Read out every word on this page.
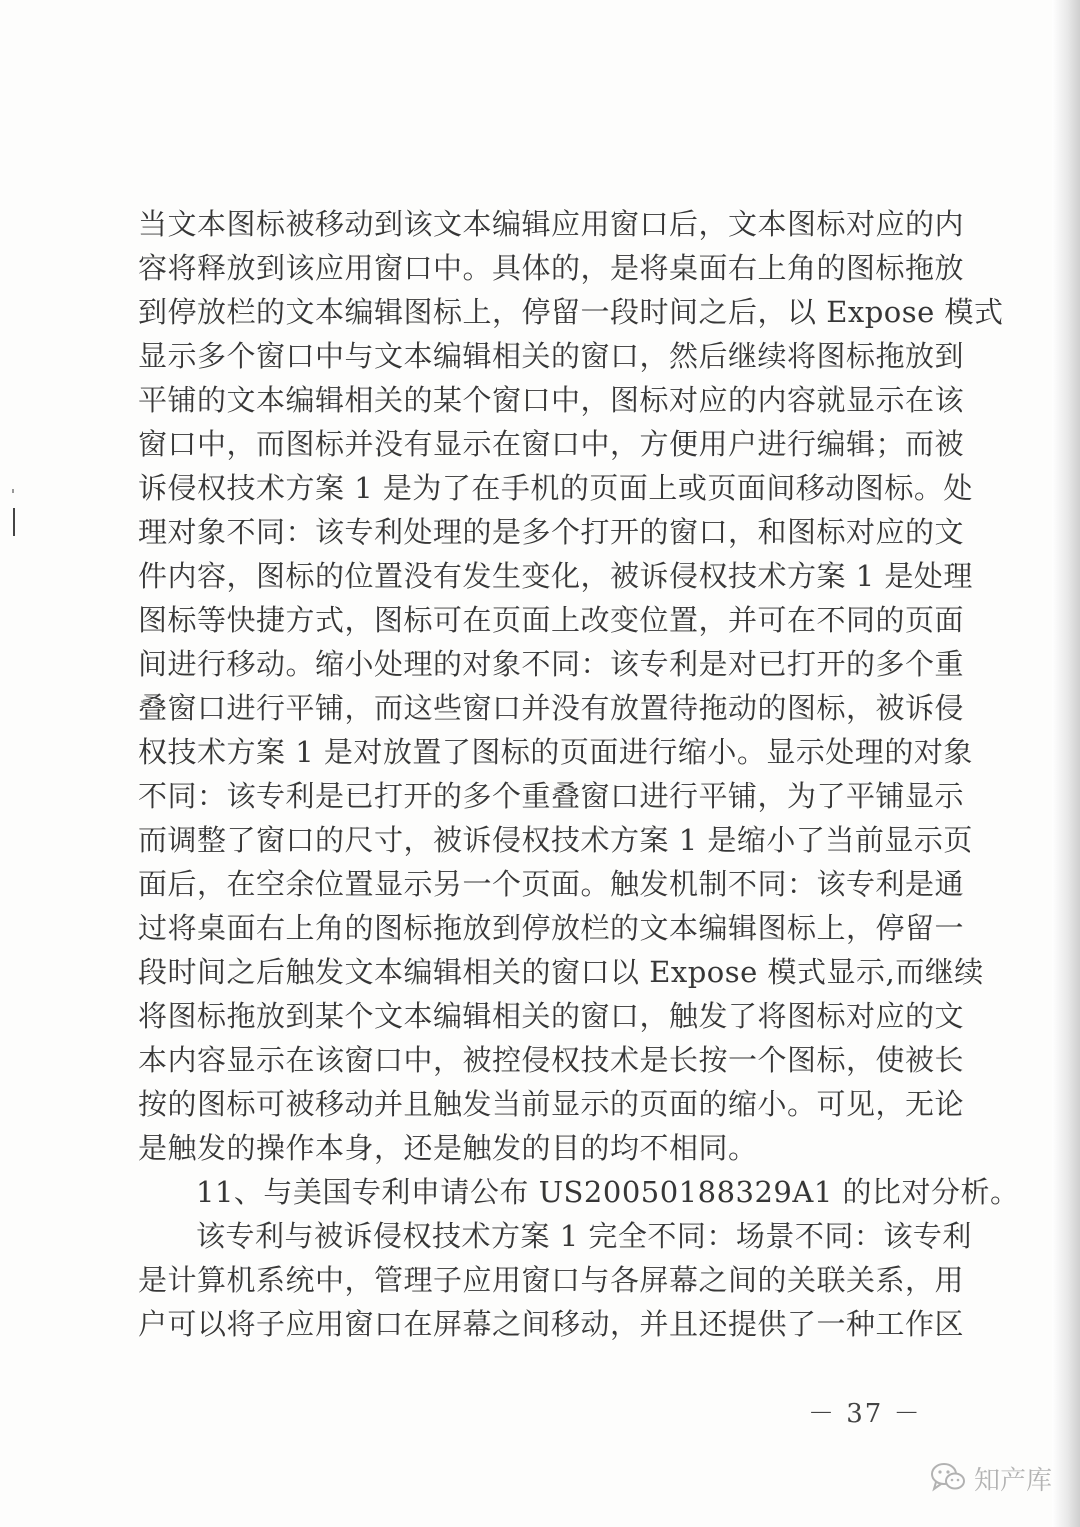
当文本图标被移动到该文本编辑应用窗口后，文本图标对应的内
容将释放到该应用窗口中。具体的，是将桌面右上角的图标拖放
到停放栏的文本编辑图标上，停留一段时间之后，以 Expose 模式
显示多个窗口中与文本编辑相关的窗口，然后继续将图标拖放到
平铺的文本编辑相关的某个窗口中，图标对应的内容就显示在该
窗口中，而图标并没有显示在窗口中，方便用户进行编辑；而被
诉侵权技术方案 1 是为了在手机的页面上或页面间移动图标。处
理对象不同：该专利处理的是多个打开的窗口，和图标对应的文
件内容，图标的位置没有发生变化，被诉侵权技术方案 1 是处理
图标等快捷方式，图标可在页面上改变位置，并可在不同的页面
间进行移动。缩小处理的对象不同：该专利是对已打开的多个重
叠窗口进行平铺，而这些窗口并没有放置待拖动的图标，被诉侵
权技术方案 1 是对放置了图标的页面进行缩小。显示处理的对象
不同：该专利是已打开的多个重叠窗口进行平铺，为了平铺显示
而调整了窗口的尺寸，被诉侵权技术方案 1 是缩小了当前显示页
面后，在空余位置显示另一个页面。触发机制不同：该专利是通
过将桌面右上角的图标拖放到停放栏的文本编辑图标上，停留一
段时间之后触发文本编辑相关的窗口以 Expose 模式显示,而继续
将图标拖放到某个文本编辑相关的窗口，触发了将图标对应的文
本内容显示在该窗口中，被控侵权技术是长按一个图标，使被长
按的图标可被移动并且触发当前显示的页面的缩小。可见，无论
是触发的操作本身，还是触发的目的均不相同。
11、与美国专利申请公布 US20050188329A1 的比对分析。
该专利与被诉侵权技术方案 1 完全不同：场景不同：该专利
是计算机系统中，管理子应用窗口与各屏幕之间的关联关系，用
户可以将子应用窗口在屏幕之间移动，并且还提供了一种工作区
－ 37 －
知产库
